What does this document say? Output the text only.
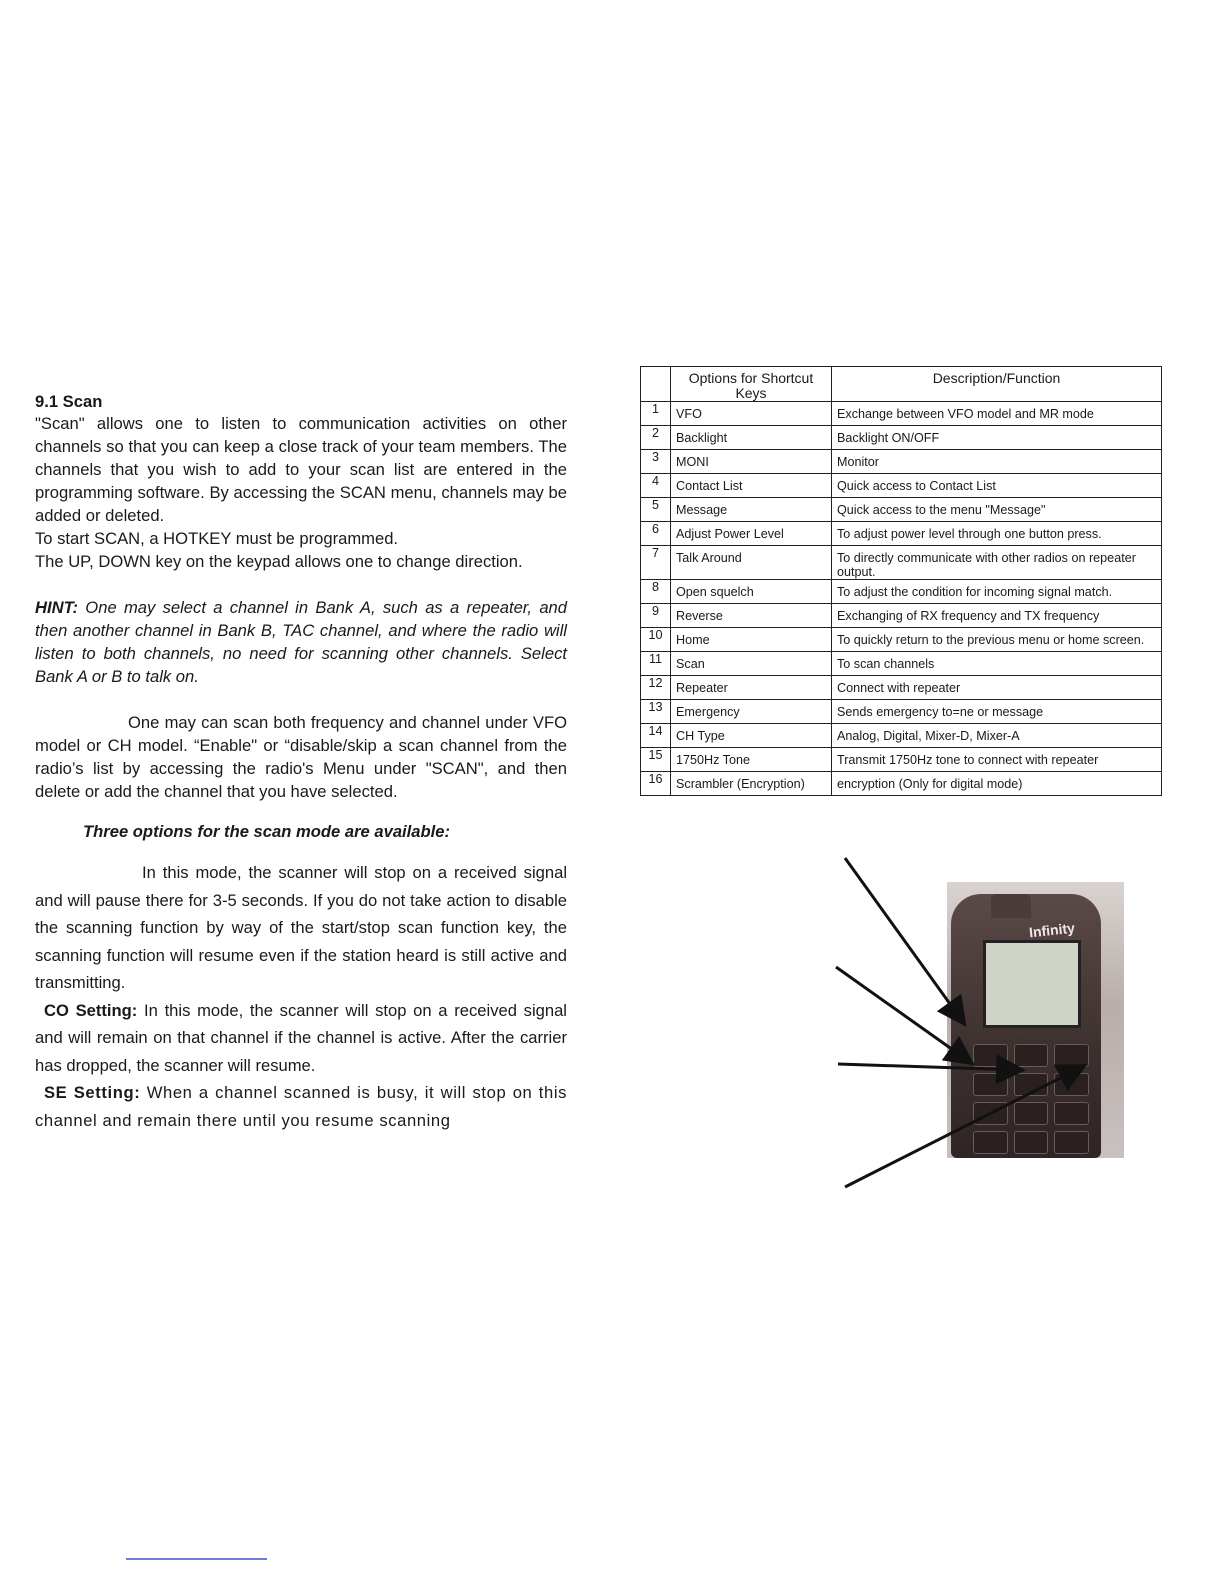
9.1 Scan

"Scan" allows one to listen to communication activities on other channels so that you can keep a close track of your team members. The channels that you wish to add to your scan list are entered in the programming software. By accessing the SCAN menu, channels may be added or deleted.

To start SCAN, a HOTKEY must be programmed.

The UP, DOWN key on the keypad allows one to change direction.

HINT: One may select a channel in Bank A, such as a repeater, and then another channel in Bank B, TAC channel, and where the radio will listen to both channels, no need for scanning other channels. Select Bank A or B to talk on.

One may can scan both frequency and channel under VFO model or CH model. “Enable" or “disable/skip a scan channel from the radio’s list by accessing the radio's Menu under "SCAN", and then delete or add the channel that you have selected.

Three options for the scan mode are available:

In this mode, the scanner will stop on a received signal and will pause there for 3-5 seconds. If you do not take action to disable the scanning function by way of the start/stop scan function key, the scanning function will resume even if the station heard is still active and transmitting.

CO Setting: In this mode, the scanner will stop on a received signal and will remain on that channel if the channel is active. After the carrier has dropped, the scanner will resume.

SE Setting: When a channel scanned is busy, it will stop on this channel and remain there until you resume scanning

	Options for Shortcut Keys	Description/Function
1	VFO	Exchange between VFO model and MR mode
2	Backlight	Backlight ON/OFF
3	MONI	Monitor
4	Contact List	Quick access to Contact List
5	Message	Quick access to the menu "Message"
6	Adjust Power Level	To adjust power level through one button press.
7	Talk Around	To directly communicate with other radios on repeater output.
8	Open squelch	To adjust the condition for incoming signal match.
9	Reverse	Exchanging of RX frequency and TX frequency
10	Home	To quickly return to the previous menu or home screen.
11	Scan	To scan channels
12	Repeater	Connect with repeater
13	Emergency	Sends emergency to=ne or message
14	CH Type	Analog, Digital, Mixer-D, Mixer-A
15	1750Hz Tone	Transmit 1750Hz tone to connect with repeater
16	Scrambler (Encryption)	encryption (Only for digital mode)
Infinity
